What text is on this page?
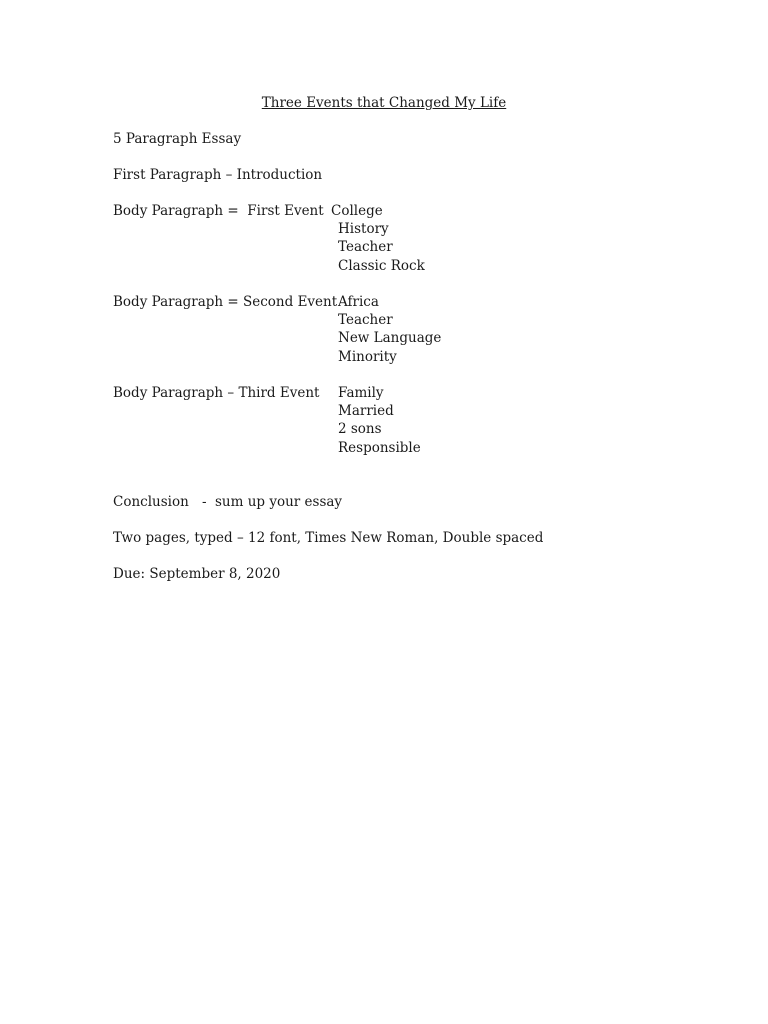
Three Events that Changed My Life
5 Paragraph Essay
First Paragraph – Introduction
Body Paragraph =  First Event College
History
Teacher
Classic Rock
Body Paragraph = Second Event Africa
Teacher
New Language
Minority
Body Paragraph – Third Event Family
Married
2 sons
Responsible
Conclusion - sum up your essay
Two pages, typed – 12 font, Times New Roman, Double spaced
Due: September 8, 2020
